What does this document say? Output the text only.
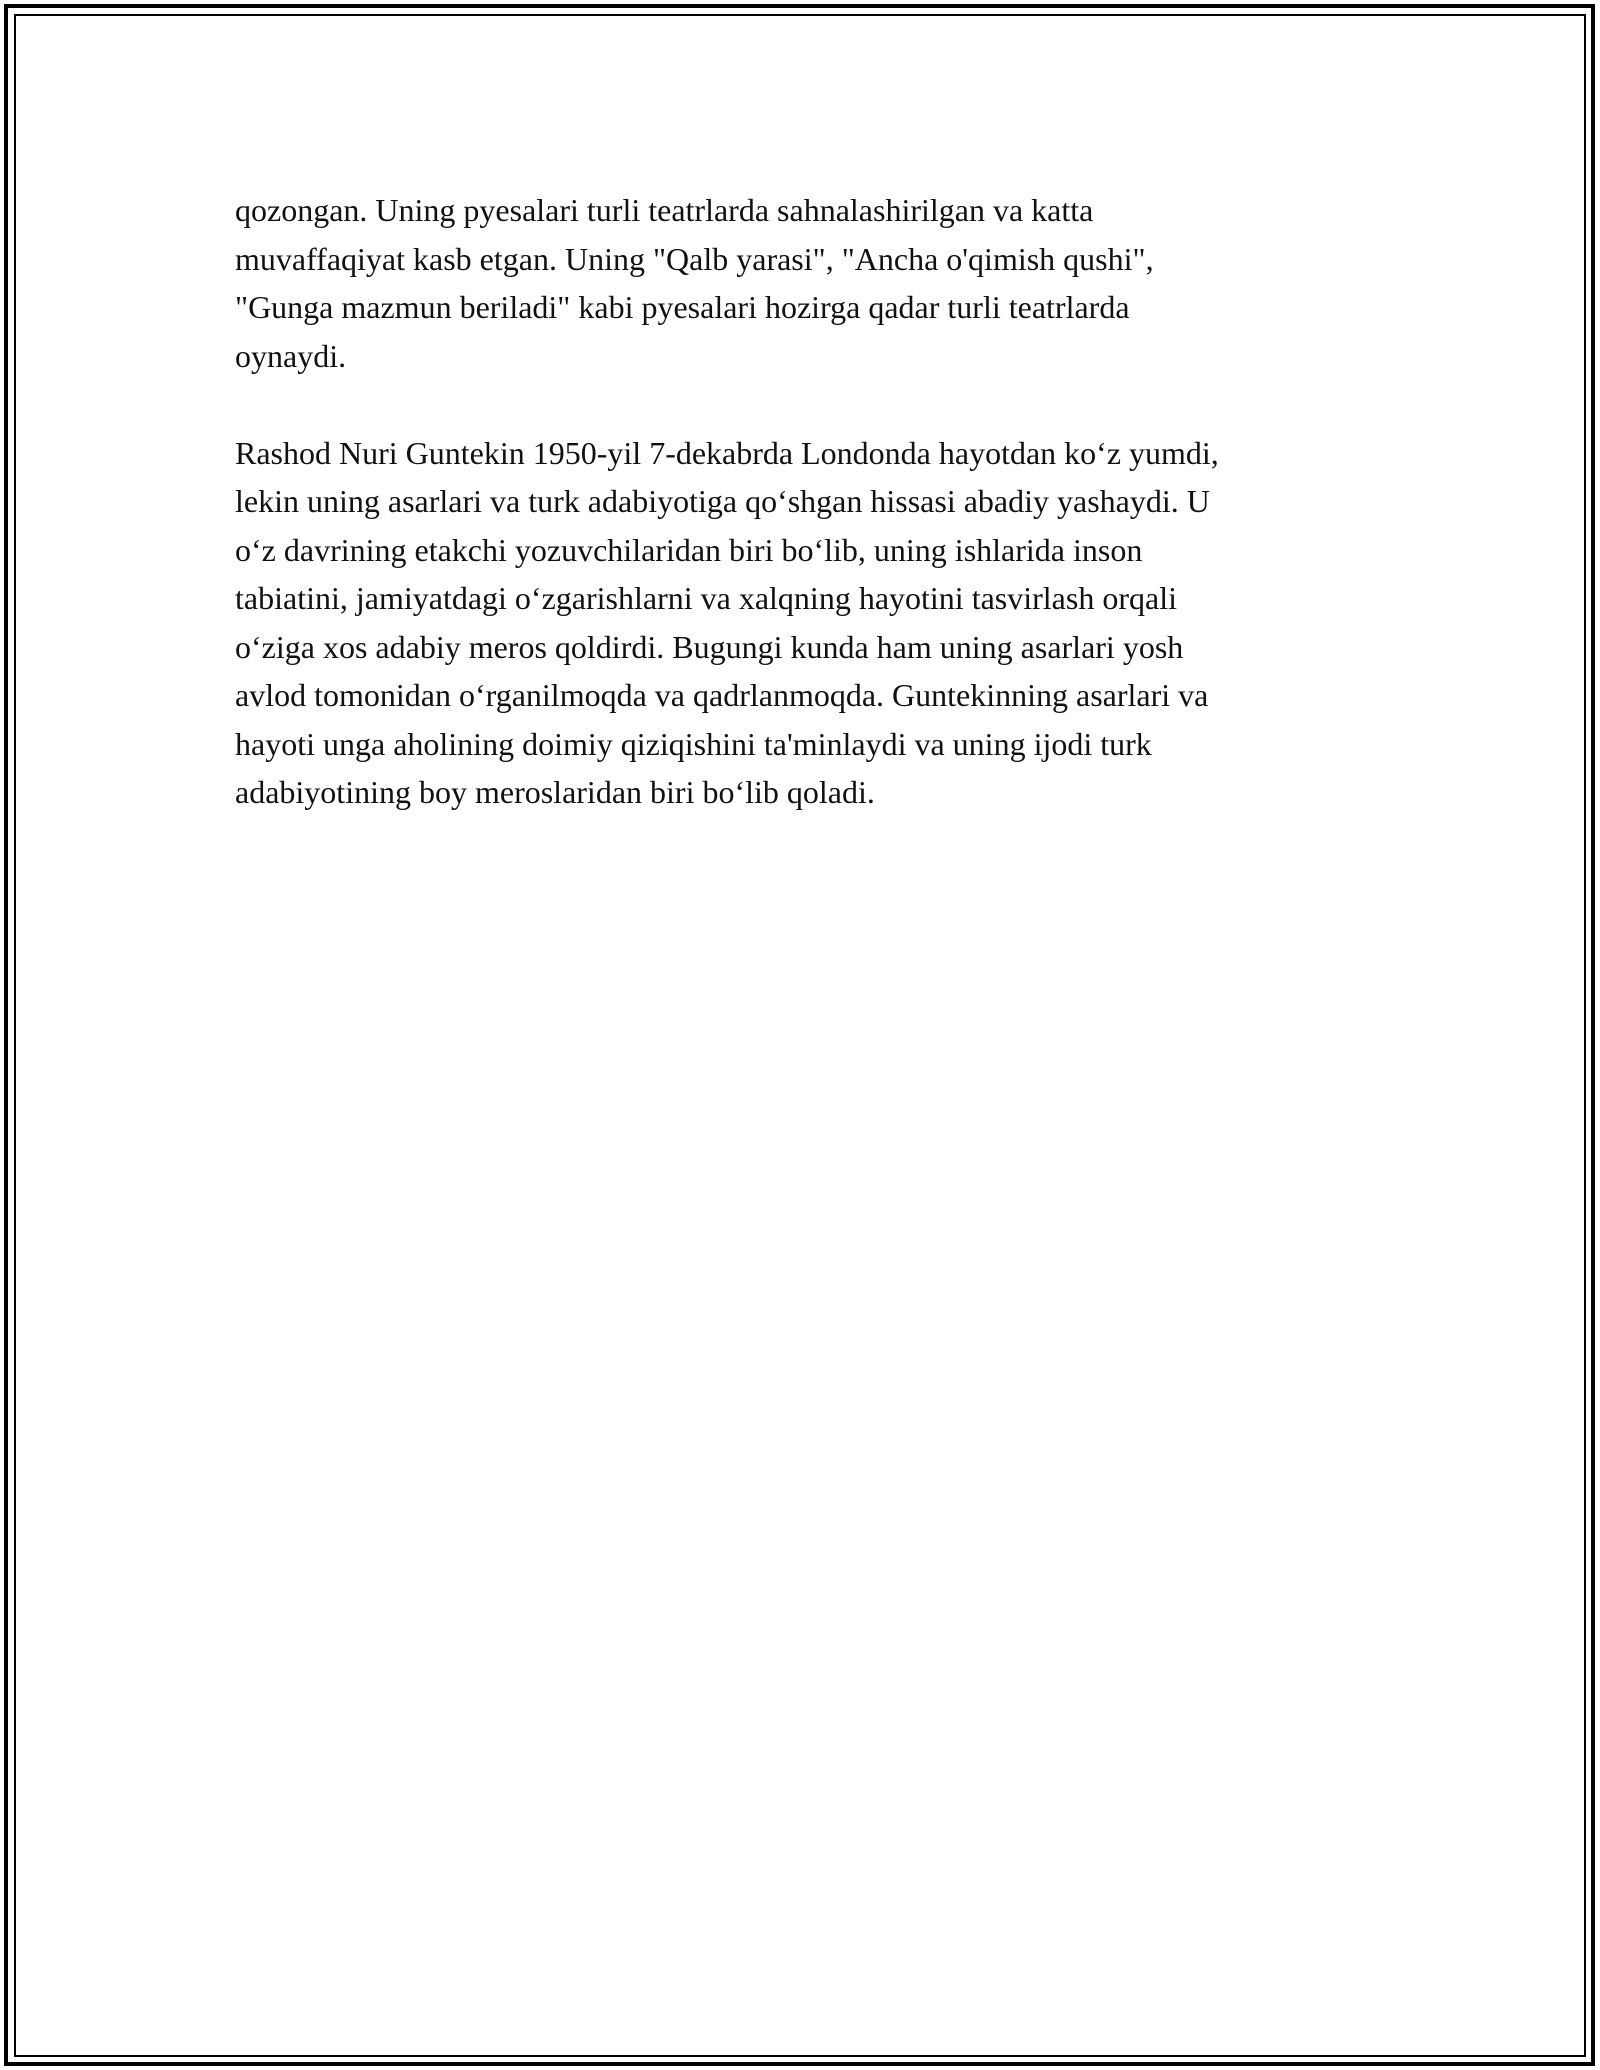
qozongan. Uning pyesalari turli teatrlarda sahnalashirilgan va katta
muvaffaqiyat kasb etgan. Uning "Qalb yarasi", "Ancha o'qimish qushi",
"Gunga mazmun beriladi" kabi pyesalari hozirga qadar turli teatrlarda
oynaydi.

Rashod Nuri Guntekin 1950-yil 7-dekabrda Londonda hayotdan ko‘z yumdi,
lekin uning asarlari va turk adabiyotiga qo‘shgan hissasi abadiy yashaydi. U
o‘z davrining etakchi yozuvchilaridan biri bo‘lib, uning ishlarida inson
tabiatini, jamiyatdagi o‘zgarishlarni va xalqning hayotini tasvirlash orqali
o‘ziga xos adabiy meros qoldirdi. Bugungi kunda ham uning asarlari yosh
avlod tomonidan o‘rganilmoqda va qadrlanmoqda. Guntekinning asarlari va
hayoti unga aholining doimiy qiziqishini ta'minlaydi va uning ijodi turk
adabiyotining boy meroslaridan biri bo‘lib qoladi.
